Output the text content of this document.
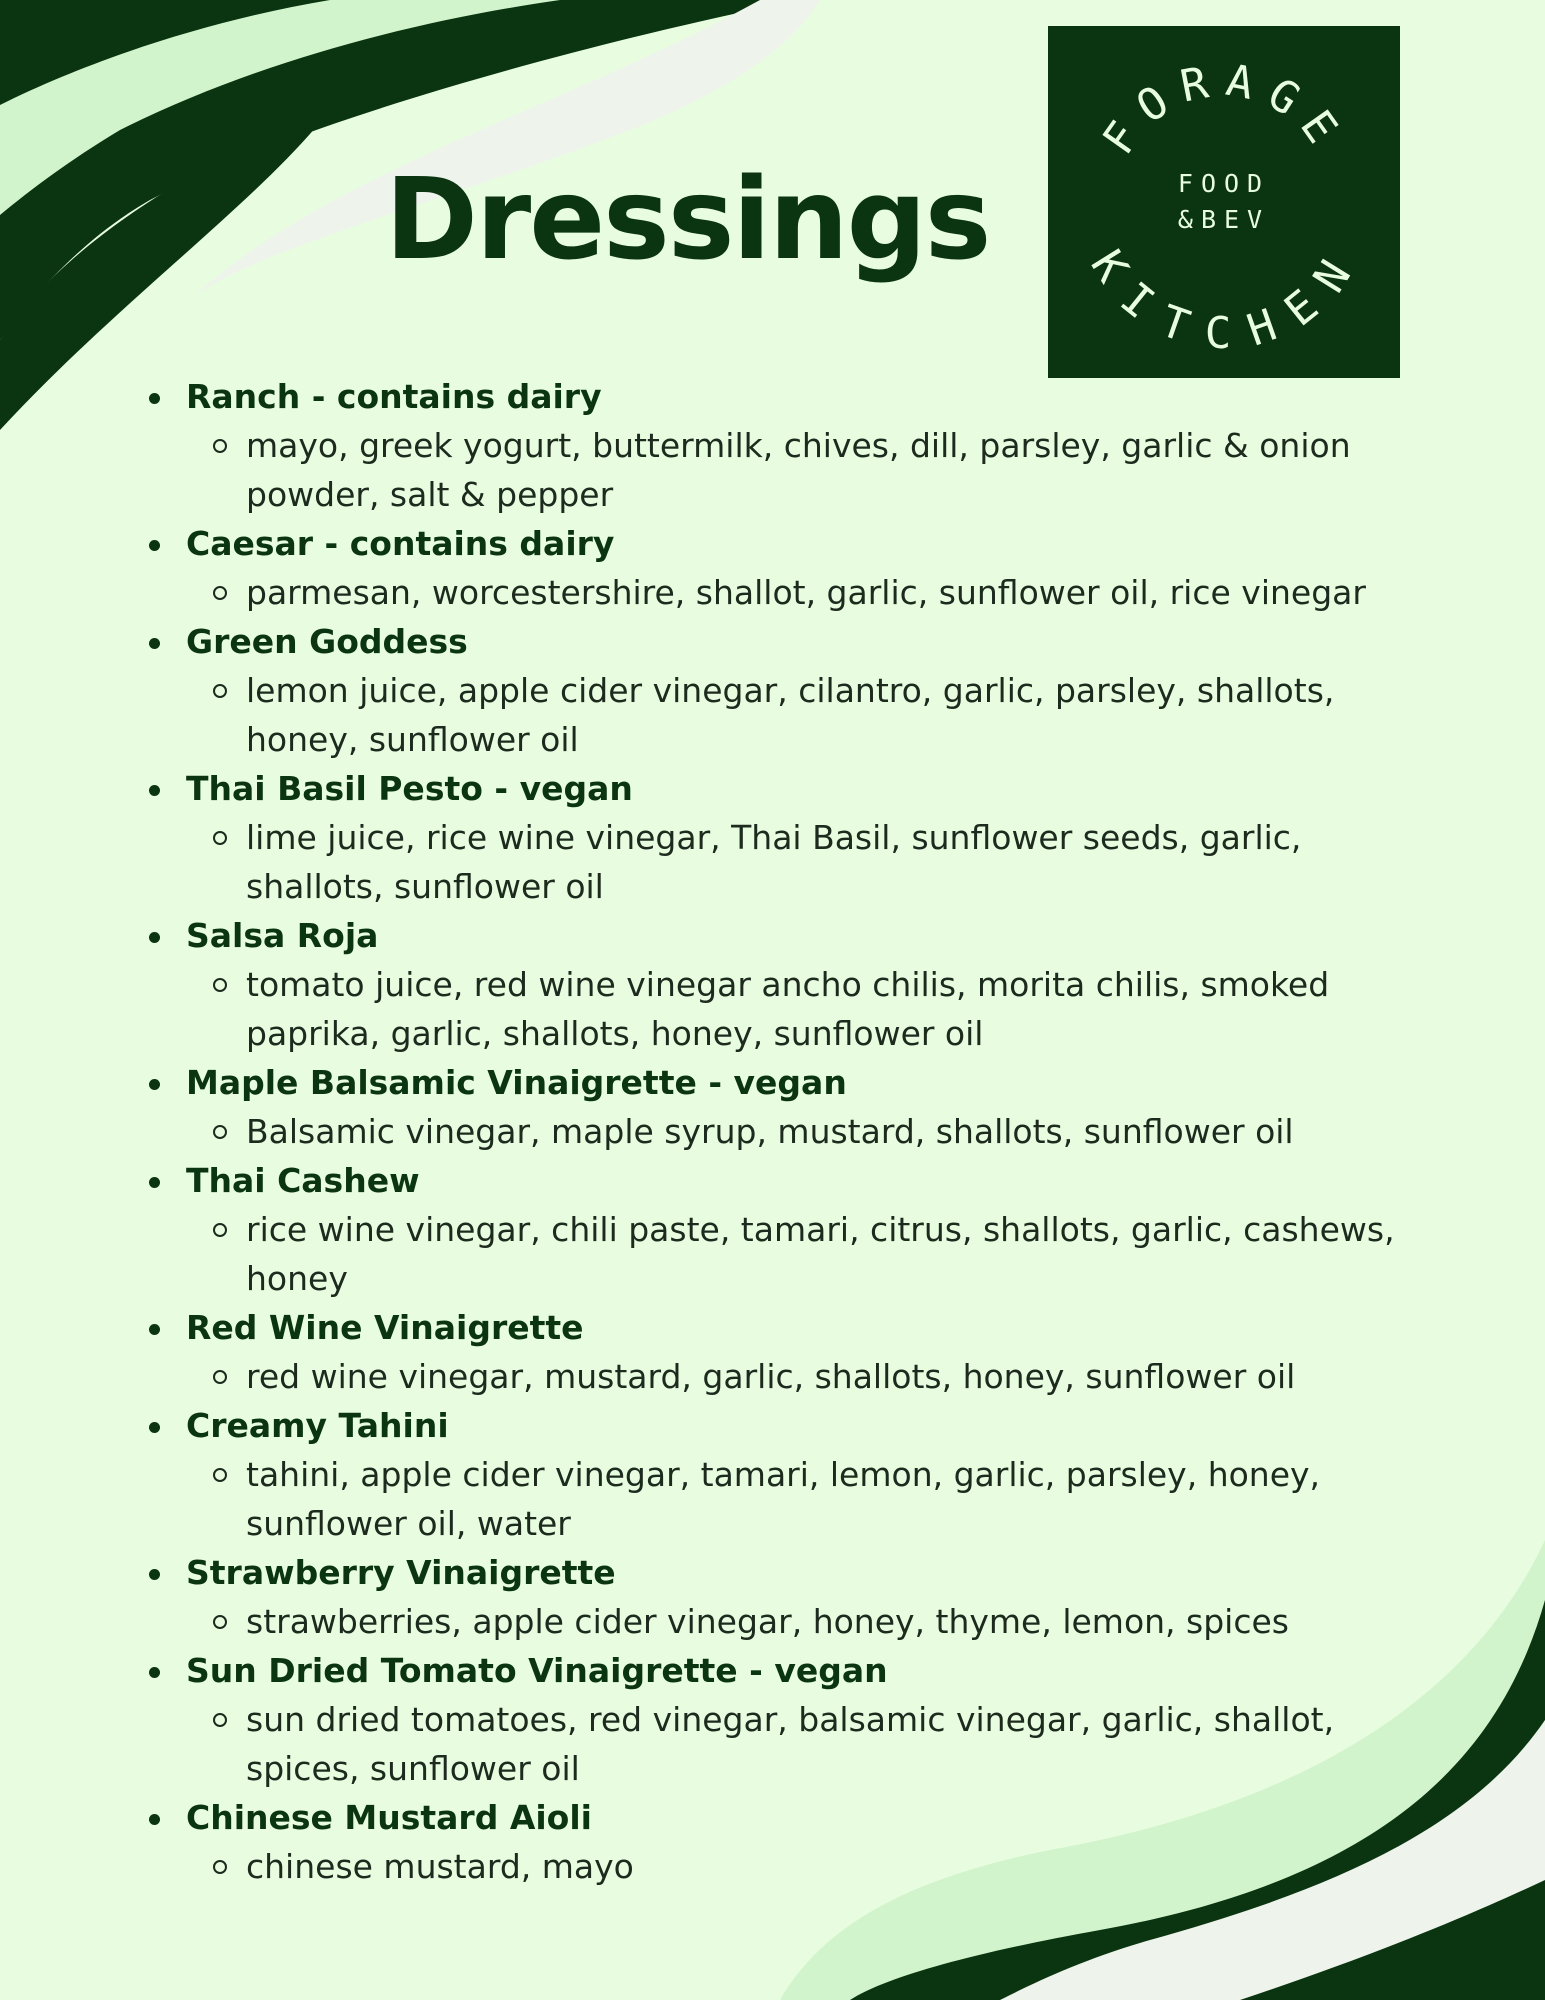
Dressings
FORAGE
KITCHEN
FOOD
&BEV
Ranch - contains dairy

mayo, greek yogurt, buttermilk, chives, dill, parsley, garlic & onion powder, salt & pepper

Caesar - contains dairy

parmesan, worcestershire, shallot, garlic, sunflower oil, rice vinegar

Green Goddess

lemon juice, apple cider vinegar, cilantro, garlic, parsley, shallots, honey, sunflower oil

Thai Basil Pesto - vegan

lime juice, rice wine vinegar, Thai Basil, sunflower seeds, garlic, shallots, sunflower oil

Salsa Roja

tomato juice, red wine vinegar ancho chilis, morita chilis, smoked paprika, garlic, shallots, honey, sunflower oil

Maple Balsamic Vinaigrette - vegan

Balsamic vinegar, maple syrup, mustard, shallots, sunflower oil

Thai Cashew

rice wine vinegar, chili paste, tamari, citrus, shallots, garlic, cashews, honey

Red Wine Vinaigrette

red wine vinegar, mustard, garlic, shallots, honey, sunflower oil

Creamy Tahini

tahini, apple cider vinegar, tamari, lemon, garlic, parsley, honey, sunflower oil, water

Strawberry Vinaigrette

strawberries, apple cider vinegar, honey, thyme, lemon, spices

Sun Dried Tomato Vinaigrette - vegan

sun dried tomatoes, red vinegar, balsamic vinegar, garlic, shallot, spices, sunflower oil

Chinese Mustard Aioli

chinese mustard, mayo
